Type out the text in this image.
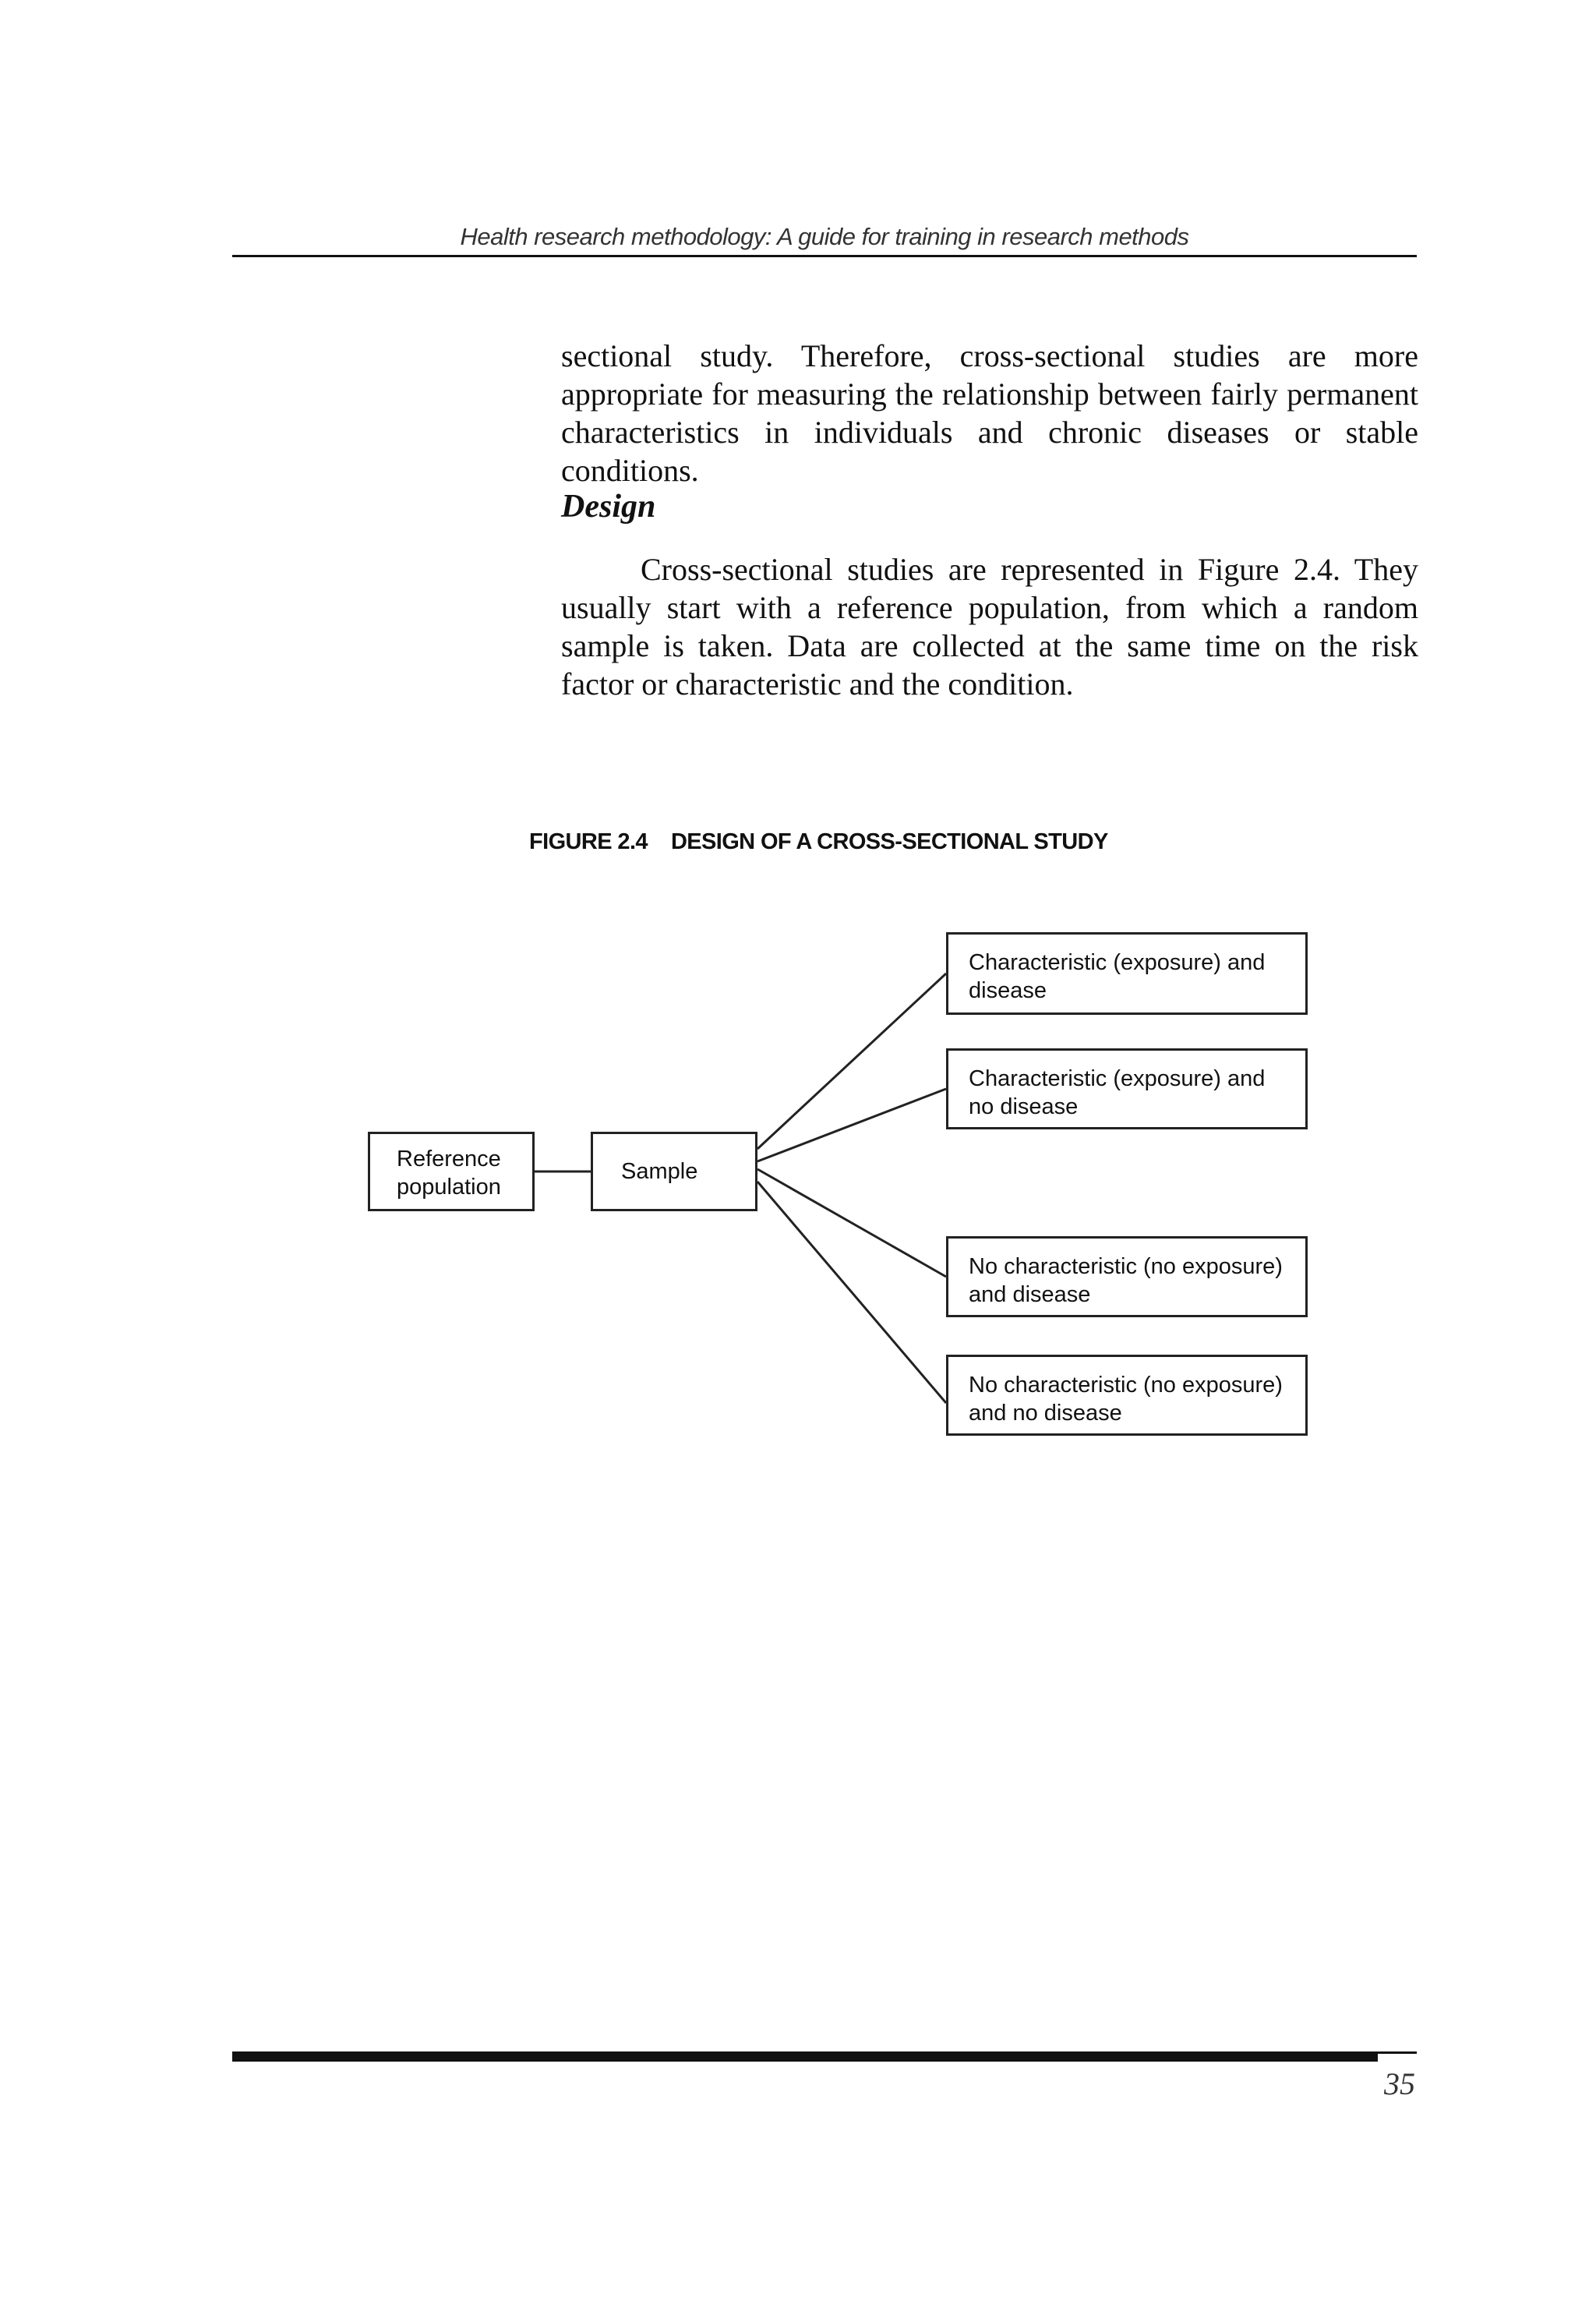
Health research methodology: A guide for training in research methods

sectional study. Therefore, cross-sectional studies are more appropriate for measuring the relationship between fairly permanent characteristics in individuals and chronic diseases or stable conditions.

Design

Cross-sectional studies are represented in Figure 2.4. They usually start with a reference population, from which a random sample is taken. Data are collected at the same time on the risk factor or characteristic and the condition.

FIGURE 2.4 DESIGN OF A CROSS-SECTIONAL STUDY
Reference
population
Sample
Characteristic (exposure) and
disease
Characteristic (exposure) and
no disease
No characteristic (no exposure)
and disease
No characteristic (no exposure)
and no disease
35
